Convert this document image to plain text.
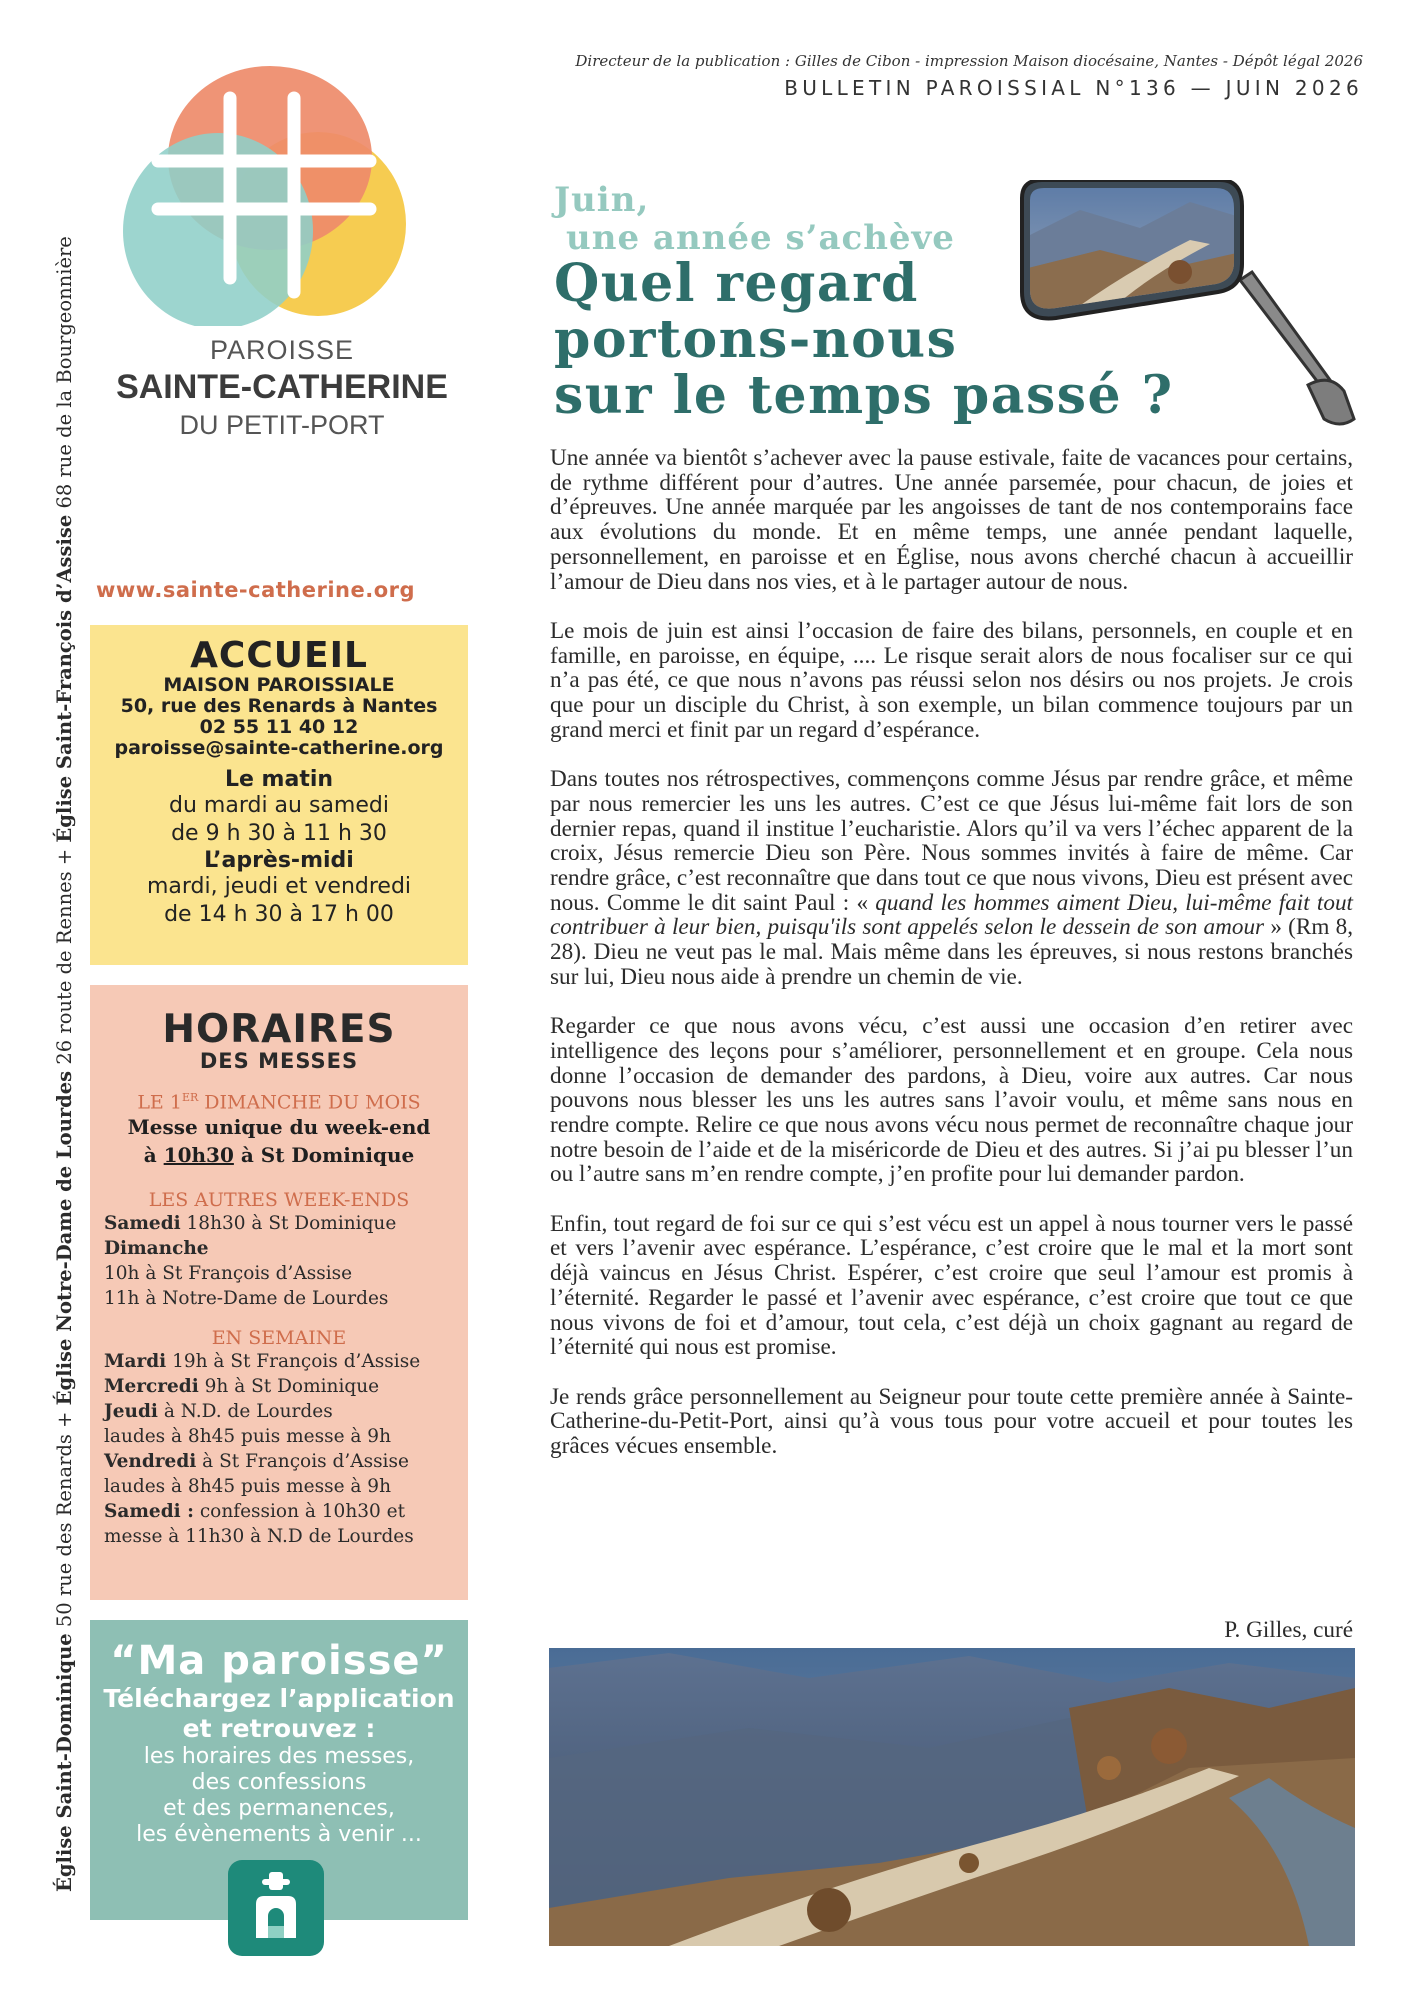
Église Saint-Dominique 50 rue des Renards + Église Notre-Dame de Lourdes 26 route de Rennes + Église Saint-François d’Assise 68 rue de la Bourgeonnière	PAROISSE
SAINTE-CATHERINE
DU PETIT-PORT
www.sainte-catherine.org
ACCUEIL
MAISON PAROISSIALE
50, rue des Renards à Nantes
02 55 11 40 12
paroisse@sainte-catherine.org
Le matin
du mardi au samedi
de 9 h 30 à 11 h 30
L’après-midi
mardi, jeudi et vendredi
de 14 h 30 à 17 h 00
HORAIRES
DES MESSES
LE 1ER DIMANCHE DU MOIS
Messe unique du week-end
à 10h30 à St Dominique
LES AUTRES WEEK-ENDS
Samedi 18h30 à St Dominique
Dimanche
10h à St François d’Assise
11h à Notre-Dame de Lourdes
EN SEMAINE
Mardi 19h à St François d’Assise
Mercredi 9h à St Dominique
Jeudi à N.D. de Lourdes
laudes à 8h45 puis messe à 9h
Vendredi à St François d’Assise
laudes à 8h45 puis messe à 9h
Samedi : confession à 10h30 et
messe à 11h30 à N.D de Lourdes
“Ma paroisse”
Téléchargez l’application
et retrouvez :
les horaires des messes,
des confessions
et des permanences,
les évènements à venir ...
Directeur de la publication : Gilles de Cibon - impression Maison diocésaine, Nantes - Dépôt légal 2026
BULLETIN PAROISSIAL N°136 — JUIN 2026
Juin,
une année s’achève
Quel regard
portons-nous
sur le temps passé ?

Une année va bientôt s’achever avec la pause estivale, faite de vacances pour certains, de rythme différent pour d’autres. Une année parsemée, pour chacun, de joies et d’épreuves. Une année marquée par les angoisses de tant de nos contemporains face aux évolutions du monde. Et en même temps, une année pendant laquelle, personnellement, en paroisse et en Église, nous avons cherché chacun à accueillir l’amour de Dieu dans nos vies, et à le partager autour de nous.

Le mois de juin est ainsi l’occasion de faire des bilans, personnels, en couple et en famille, en paroisse, en équipe, .... Le risque serait alors de nous focaliser sur ce qui n’a pas été, ce que nous n’avons pas réussi selon nos désirs ou nos projets. Je crois que pour un disciple du Christ, à son exemple, un bilan commence toujours par un grand merci et finit par un regard d’espérance.

Dans toutes nos rétrospectives, commençons comme Jésus par rendre grâce, et même par nous remercier les uns les autres. C’est ce que Jésus lui-même fait lors de son dernier repas, quand il institue l’eucharistie. Alors qu’il va vers l’échec apparent de la croix, Jésus remercie Dieu son Père. Nous sommes invités à faire de même. Car rendre grâce, c’est reconnaître que dans tout ce que nous vivons, Dieu est présent avec nous. Comme le dit saint Paul : « quand les hommes aiment Dieu, lui-même fait tout contribuer à leur bien, puisqu'ils sont appelés selon le dessein de son amour » (Rm 8, 28). Dieu ne veut pas le mal. Mais même dans les épreuves, si nous restons branchés sur lui, Dieu nous aide à prendre un chemin de vie.

Regarder ce que nous avons vécu, c’est aussi une occasion d’en retirer avec intelligence des leçons pour s’améliorer, personnellement et en groupe. Cela nous donne l’occasion de demander des pardons, à Dieu, voire aux autres. Car nous pouvons nous blesser les uns les autres sans l’avoir voulu, et même sans nous en rendre compte. Relire ce que nous avons vécu nous permet de reconnaître chaque jour notre besoin de l’aide et de la miséricorde de Dieu et des autres. Si j’ai pu blesser l’un ou l’autre sans m’en rendre compte, j’en profite pour lui demander pardon.

Enfin, tout regard de foi sur ce qui s’est vécu est un appel à nous tourner vers le passé et vers l’avenir avec espérance. L’espérance, c’est croire que le mal et la mort sont déjà vaincus en Jésus Christ. Espérer, c’est croire que seul l’amour est promis à l’éternité. Regarder le passé et l’avenir avec espérance, c’est croire que tout ce que nous vivons de foi et d’amour, tout cela, c’est déjà un choix gagnant au regard de l’éternité qui nous est promise.

Je rends grâce personnellement au Seigneur pour toute cette première année à Sainte-Catherine-du-Petit-Port, ainsi qu’à vous tous pour votre accueil et pour toutes les grâces vécues ensemble.

P. Gilles, curé
